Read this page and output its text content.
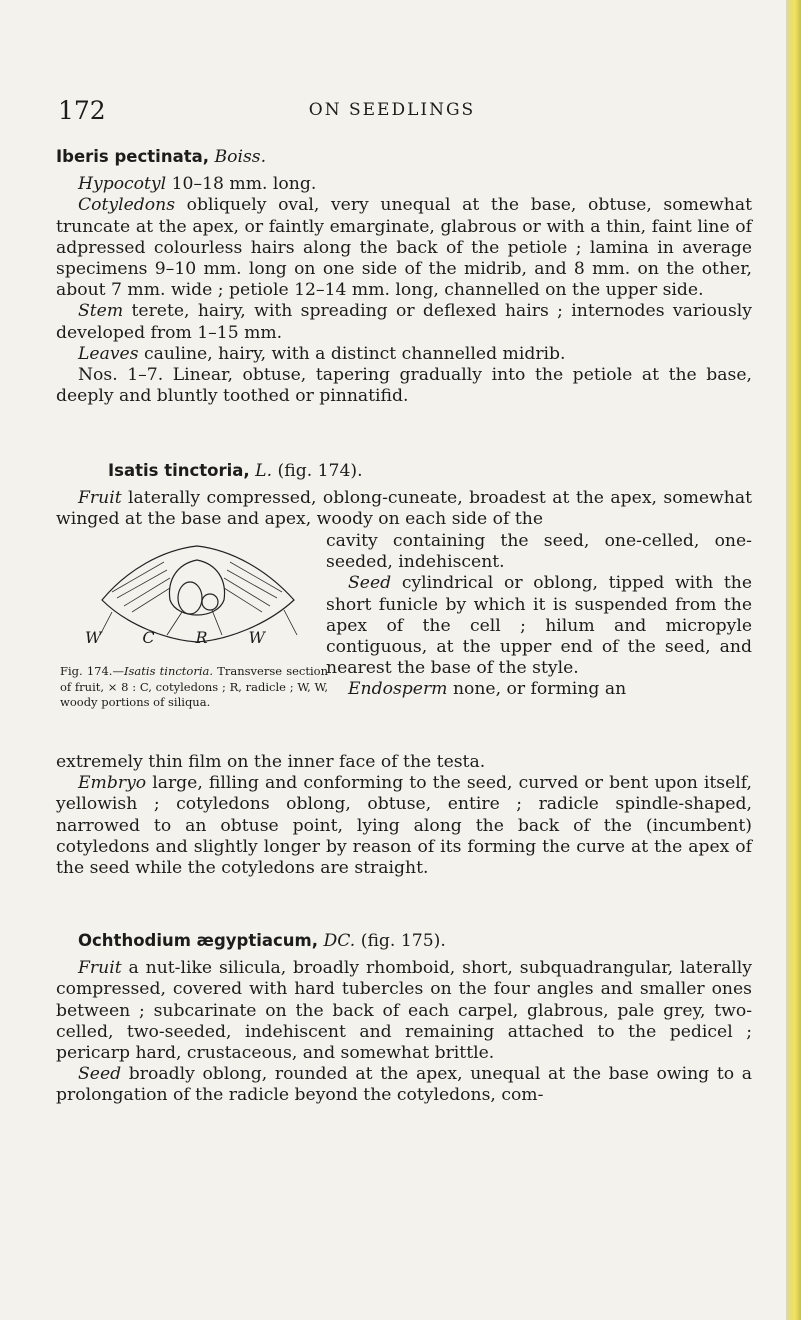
172	ON SEEDLINGS

Iberis pectinata, Boiss.

Hypocotyl 10–18 mm. long.

Cotyledons obliquely oval, very unequal at the base, obtuse, somewhat truncate at the apex, or faintly emarginate, glabrous or with a thin, faint line of adpressed colourless hairs along the back of the petiole ; lamina in average specimens 9–10 mm. long on one side of the midrib, and 8 mm. on the other, about 7 mm. wide ; petiole 12–14 mm. long, channelled on the upper side.

Stem terete, hairy, with spreading or deflexed hairs ; internodes variously developed from 1–15 mm.

Leaves cauline, hairy, with a distinct channelled midrib.

Nos. 1–7. Linear, obtuse, tapering gradually into the petiole at the base, deeply and bluntly toothed or pinnatifid.

Isatis tinctoria, L. (fig. 174).

Fruit laterally compressed, oblong-cuneate, broadest at the apex, somewhat winged at the base and apex, woody on each side of the

cavity containing the seed, one-celled, one-seeded, indehiscent.

Seed cylindrical or oblong, tipped with the short funicle by which it is suspended from the apex of the cell ; hilum and micropyle contiguous, at the upper end of the seed, and nearest the base of the style.

Endosperm none, or forming an

W	C	R	W
Fig. 174.—Isatis tinctoria. Transverse section of fruit, × 8 : C, cotyledons ; R, radicle ; W, W, woody portions of siliqua.

extremely thin film on the inner face of the testa.

Embryo large, filling and conforming to the seed, curved or bent upon itself, yellowish ; cotyledons oblong, obtuse, entire ; radicle spindle-shaped, narrowed to an obtuse point, lying along the back of the (incumbent) cotyledons and slightly longer by reason of its forming the curve at the apex of the seed while the cotyledons are straight.

Ochthodium ægyptiacum, DC. (fig. 175).

Fruit a nut-like silicula, broadly rhomboid, short, subquadrangular, laterally compressed, covered with hard tubercles on the four angles and smaller ones between ; subcarinate on the back of each carpel, glabrous, pale grey, two-celled, two-seeded, indehiscent and remaining attached to the pedicel ; pericarp hard, crustaceous, and somewhat brittle.

Seed broadly oblong, rounded at the apex, unequal at the base owing to a prolongation of the radicle beyond the cotyledons, com-
